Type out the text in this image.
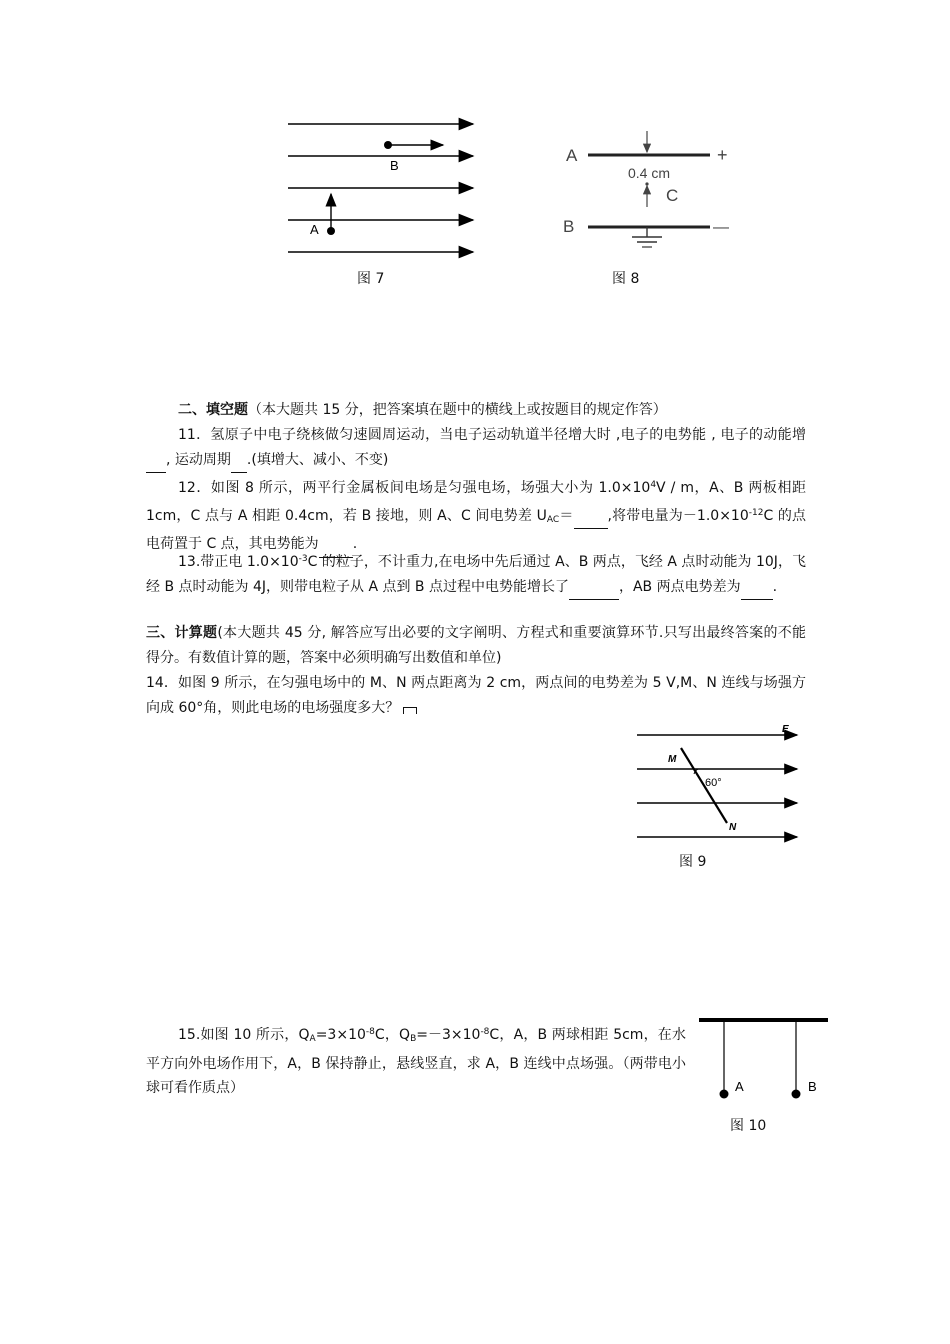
B
A
图 7
A	+
0.4 cm
C
B	—
图 8
二、填空题（本大题共 15 分，把答案填在题中的横线上或按题目的规定作答）
11．氢原子中电子绕核做匀速圆周运动，当电子运动轨道半径增大时 ,电子的电势能 , 电子的动能增 , 运动周期 .(填增大、减小、不变)
12．如图 8 所示，两平行金属板间电场是匀强电场，场强大小为 $1.0\times 10^4V / m$，A、B 两板相距 1cm，C 点与 A 相距 0.4cm，若 B 接地，则 A、C 间电势差 $U_{AC}=$ ,将带电量为$-1.0\times 10^{-12}C$ 的点电荷置于 C 点，其电势能为 .
13.带正电 $1.0\times 10^{-3}C$ 的粒子，不计重力,在电场中先后通过 A、B 两点，飞经 A 点时动能为 10J，飞经 B 点时动能为 4J，则带电粒子从 A 点到 B 点过程中电势能增长了	，AB 两点电势差为 .
三、计算题(本大题共 45 分, 解答应写出必要的文字阐明、方程式和重要演算环节.只写出最终答案的不能得分。有数值计算的题，答案中必须明确写出数值和单位)
14．如图 9 所示，在匀强电场中的 M、N 两点距离为 2 cm，两点间的电势差为 5 V,M、N 连线与场强方向成 60°角，则此电场的电场强度多大？
E
M
N
60°
图 9
15.如图 10 所示，$Q_A=3\times 10^{-8}C$，$Q_B=-3\times 10^{-8}C$，A，B 两球相距 5cm，在水平方向外电场作用下，A，B 保持静止，悬线竖直，求 A，B 连线中点场强。（两带电小球可看作质点）	A	B
图 10
